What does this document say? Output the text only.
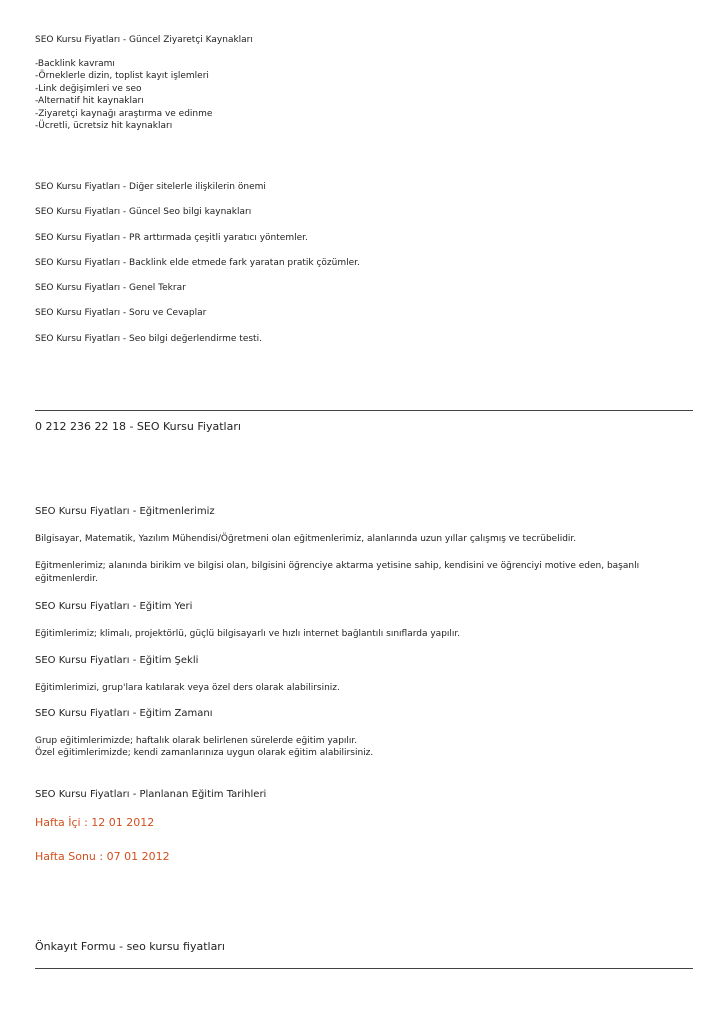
SEO Kursu Fiyatları - Güncel Ziyaretçi Kaynakları

-Backlink kavramı
-Örneklerle dizin, toplist kayıt işlemleri
-Link değişimleri ve seo
-Alternatif hit kaynakları
-Ziyaretçi kaynağı araştırma ve edinme
-Ücretli, ücretsiz hit kaynakları

SEO Kursu Fiyatları - Diğer sitelerle ilişkilerin önemi

SEO Kursu Fiyatları - Güncel Seo bilgi kaynakları

SEO Kursu Fiyatları - PR arttırmada çeşitli yaratıcı yöntemler.

SEO Kursu Fiyatları - Backlink elde etmede fark yaratan pratik çözümler.

SEO Kursu Fiyatları - Genel Tekrar

SEO Kursu Fiyatları - Soru ve Cevaplar

SEO Kursu Fiyatları - Seo bilgi değerlendirme testi.

0 212 236 22 18 - SEO Kursu Fiyatları

SEO Kursu Fiyatları - Eğitmenlerimiz

Bilgisayar, Matematik, Yazılım Mühendisi/Öğretmeni olan eğitmenlerimiz, alanlarında uzun yıllar çalışmış ve tecrübelidir.

Eğitmenlerimiz; alanında birikim ve bilgisi olan, bilgisini öğrenciye aktarma yetisine sahip, kendisini ve öğrenciyi motive eden, başanlı eğitmenlerdir.

SEO Kursu Fiyatları - Eğitim Yeri

Eğitimlerimiz; klimalı, projektörlü, güçlü bilgisayarlı ve hızlı internet bağlantılı sınıflarda yapılır.

SEO Kursu Fiyatları - Eğitim Şekli

Eğitimlerimizi, grup'lara katılarak veya özel ders olarak alabilirsiniz.

SEO Kursu Fiyatları - Eğitim Zamanı

Grup eğitimlerimizde; haftalık olarak belirlenen sürelerde eğitim yapılır.

Özel eğitimlerimizde; kendi zamanlarınıza uygun olarak eğitim alabilirsiniz.

SEO Kursu Fiyatları - Planlanan Eğitim Tarihleri

Hafta İçi : 12 01 2012

Hafta Sonu : 07 01 2012

Önkayıt Formu - seo kursu fiyatları
